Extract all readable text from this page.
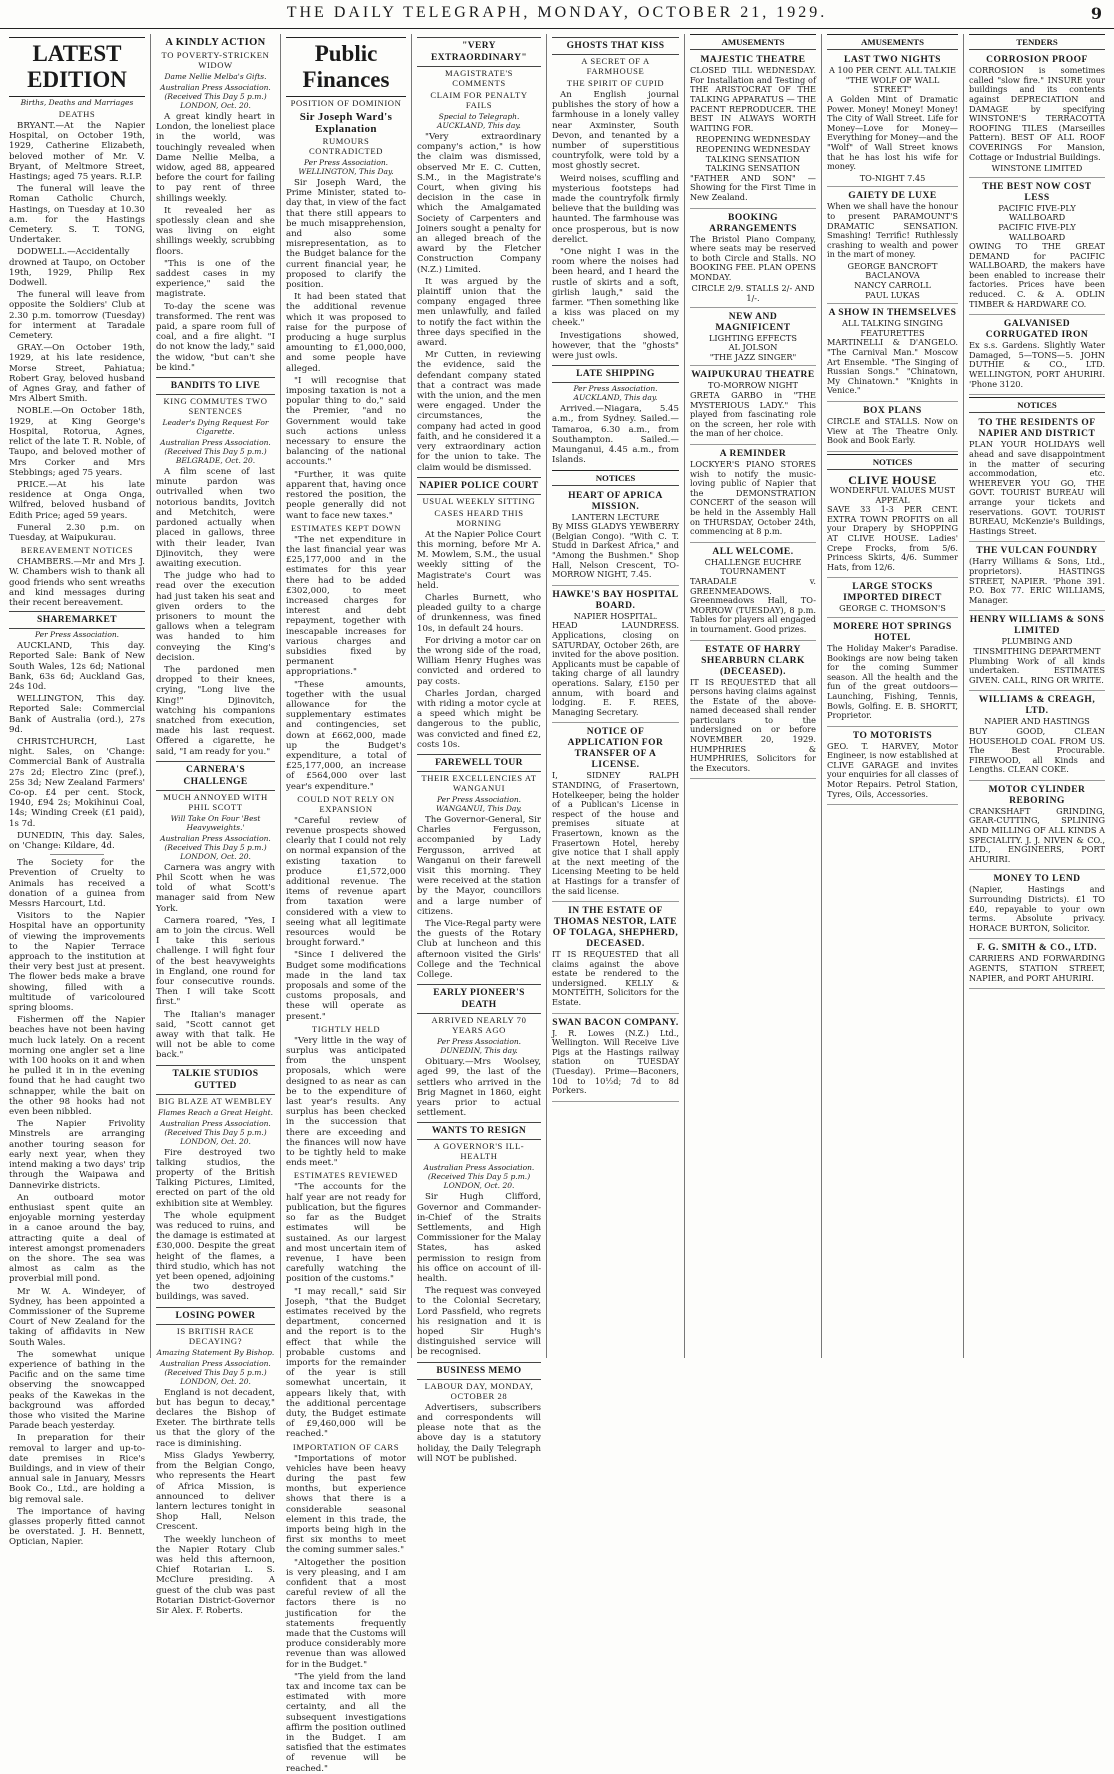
THE DAILY TELEGRAPH, MONDAY, OCTOBER 21, 1929.	9
LATEST EDITION
Births, Deaths and Marriages
DEATHS

BRYANT.—At the Napier Hospital, on October 19th, 1929, Catherine Elizabeth, beloved mother of Mr. V. Bryant, of Meltmore Street, Hastings; aged 75 years. R.I.P.

The funeral will leave the Roman Catholic Church, Hastings, on Tuesday at 10.30 a.m. for the Hastings Cemetery. S. T. TONG, Undertaker.

DODWELL.—Accidentally drowned at Taupo, on October 19th, 1929, Philip Rex Dodwell.

The funeral will leave from opposite the Soldiers' Club at 2.30 p.m. tomorrow (Tuesday) for interment at Taradale Cemetery.

GRAY.—On October 19th, 1929, at his late residence, Morse Street, Pahiatua; Robert Gray, beloved husband of Agnes Gray, and father of Mrs Albert Smith.

NOBLE.—On October 18th, 1929, at King George's Hospital, Rotorua, Agnes, relict of the late T. R. Noble, of Taupo, and beloved mother of Mrs Corker and Mrs Stebbings; aged 75 years.

PRICE.—At his late residence at Onga Onga, Wilfred, beloved husband of Edith Price; aged 59 years.

Funeral 2.30 p.m. on Tuesday, at Waipukurau.

BEREAVEMENT NOTICES

CHAMBERS.—Mr and Mrs J. W. Chambers wish to thank all good friends who sent wreaths and kind messages during their recent bereavement.

SHAREMARKET
Per Press Association.

AUCKLAND, This day. Reported Sale: Bank of New South Wales, 12s 6d; National Bank, 63s 6d; Auckland Gas, 24s 10d.

WELLINGTON, This day. Reported Sale: Commercial Bank of Australia (ord.), 27s 9d.

CHRISTCHURCH, Last night. Sales, on 'Change: Commercial Bank of Australia 27s 2d; Electro Zinc (pref.), 25s 3d; New Zealand Farmers' Co-op. £4 per cent. Stock, 1940, £94 2s; Mokihinui Coal, 14s; Winding Creek (£1 paid), 1s 7d.

DUNEDIN, This day. Sales, on 'Change: Kildare, 4d.

The Society for the Prevention of Cruelty to Animals has received a donation of a guinea from Messrs Harcourt, Ltd.

Visitors to the Napier Hospital have an opportunity of viewing the improvements to the Napier Terrace approach to the institution at their very best just at present. The flower beds make a brave showing, filled with a multitude of varicoloured spring blooms.

Fishermen off the Napier beaches have not been having much luck lately. On a recent morning one angler set a line with 100 hooks on it and when he pulled it in in the evening found that he had caught two schnapper, while the bait on the other 98 hooks had not even been nibbled.

The Napier Frivolity Minstrels are arranging another touring season for early next year, when they intend making a two days' trip through the Waipawa and Dannevirke districts.

An outboard motor enthusiast spent quite an enjoyable morning yesterday in a canoe around the bay, attracting quite a deal of interest amongst promenaders on the shore. The sea was almost as calm as the proverbial mill pond.

Mr W. A. Windeyer, of Sydney, has been appointed a Commissioner of the Supreme Court of New Zealand for the taking of affidavits in New South Wales.

The somewhat unique experience of bathing in the Pacific and on the same time observing the snowcapped peaks of the Kawekas in the background was afforded those who visited the Marine Parade beach yesterday.

In preparation for their removal to larger and up-to-date premises in Rice's Buildings, and in view of their annual sale in January, Messrs Book Co., Ltd., are holding a big removal sale.

The importance of having glasses properly fitted cannot be overstated. J. H. Bennett, Optician, Napier.

A KINDLY ACTION
TO POVERTY-STRICKEN WIDOW
Dame Nellie Melba's Gifts.
Australian Press Association. (Received This Day 5 p.m.) LONDON, Oct. 20.

A great kindly heart in London, the loneliest place in the world, was touchingly revealed when Dame Nellie Melba, a widow, aged 88, appeared before the court for failing to pay rent of three shillings weekly.

It revealed her as spotlessly clean and she was living on eight shillings weekly, scrubbing floors.

"This is one of the saddest cases in my experience," said the magistrate.

To-day the scene was transformed. The rent was paid, a spare room full of coal, and a fire alight. "I do not know the lady," said the widow, "but can't she be kind."

BANDITS TO LIVE
KING COMMUTES TWO SENTENCES
Leader's Dying Request For Cigarette.
Australian Press Association. (Received This Day 5 p.m.) BELGRADE, Oct. 20.

A film scene of last minute pardon was outrivalled when two notorious bandits, Jovitch and Metchitch, were pardoned actually when placed in gallows, three with their leader, Ivan Djinovitch, they were awaiting execution.

The judge who had to read over the execution had just taken his seat and given orders to the prisoners to mount the gallows when a telegram was handed to him conveying the King's decision.

The pardoned men dropped to their knees, crying, "Long live the King!" Djinovitch, watching his companions snatched from execution, made his last request. Offered a cigarette, he said, "I am ready for you."

CARNERA'S CHALLENGE
MUCH ANNOYED WITH PHIL SCOTT
Will Take On Four 'Best Heavyweights.'
Australian Press Association. (Received This Day 5 p.m.) LONDON, Oct. 20.

Carnera was angry with Phil Scott when he was told of what Scott's manager said from New York.

Carnera roared, "Yes, I am to join the circus. Well I take this serious challenge. I will fight four of the best heavyweights in England, one round for four consecutive rounds. Then I will take Scott first."

The Italian's manager said, "Scott cannot get away with that talk. He will not be able to come back."

TALKIE STUDIOS GUTTED
BIG BLAZE AT WEMBLEY
Flames Reach a Great Height.
Australian Press Association. (Received This Day 5 p.m.) LONDON, Oct. 20.

Fire destroyed two talking studios, the property of the British Talking Pictures, Limited, erected on part of the old exhibition site at Wembley.

The whole equipment was reduced to ruins, and the damage is estimated at £30,000. Despite the great height of the flames, a third studio, which has not yet been opened, adjoining the two destroyed buildings, was saved.

LOSING POWER
IS BRITISH RACE DECAYING?
Amazing Statement By Bishop.
Australian Press Association. (Received This Day 5 p.m.) LONDON, Oct. 20.

England is not decadent, but has begun to decay," declares the Bishop of Exeter. The birthrate tells us that the glory of the race is diminishing.

Miss Gladys Yewberry, from the Belgian Congo, who represents the Heart of Africa Mission, is announced to deliver lantern lectures tonight in Shop Hall, Nelson Crescent.

The weekly luncheon of the Napier Rotary Club was held this afternoon, Chief Rotarian L. S. McClure presiding. A guest of the club was past Rotarian District-Governor Sir Alex. F. Roberts.

Public Finances
POSITION OF DOMINION
Sir Joseph Ward's Explanation
RUMOURS CONTRADICTED
Per Press Association. WELLINGTON, This Day.

Sir Joseph Ward, the Prime Minister, stated to-day that, in view of the fact that there still appears to be much misapprehension, and also some misrepresentation, as to the Budget balance for the current financial year, he proposed to clarify the position.

It had been stated that the additional revenue which it was proposed to raise for the purpose of producing a huge surplus amounting to £1,000,000, and some people have alleged.

"I will recognise that imposing taxation is not a popular thing to do," said the Premier, "and no Government would take such actions unless necessary to ensure the balancing of the national accounts."

"Further, it was quite apparent that, having once restored the position, the people generally did not want to face new taxes."

ESTIMATES KEPT DOWN

"The net expenditure in the last financial year was £25,177,000 and in the estimates for this year there had to be added £302,000, to meet increased charges for interest and debt repayment, together with inescapable increases for various charges and subsidies fixed by permanent appropriations."

"These amounts, together with the usual allowance for the supplementary estimates and contingencies, set down at £662,000, made up the Budget's expenditure, a total of £25,177,000, an increase of £564,000 over last year's expenditure."

COULD NOT RELY ON EXPANSION

"Careful review of revenue prospects showed clearly that I could not rely on normal expansion of the existing taxation to produce £1,572,000 additional revenue. The items of revenue apart from taxation were considered with a view to seeing what all legitimate resources would be brought forward."

"Since I delivered the Budget some modifications made in the land tax proposals and some of the customs proposals, and these will operate as present."

TIGHTLY HELD

"Very little in the way of surplus was anticipated from the unspent proposals, which were designed to as near as can be to the expenditure of last year's results. Any surplus has been checked in the succession that there are exceeding and the finances will now have to be tightly held to make ends meet."

ESTIMATES REVIEWED

"The accounts for the half year are not ready for publication, but the figures so far as the Budget estimates will be sustained. As our largest and most uncertain item of revenue, I have been carefully watching the position of the customs."

"I may recall," said Sir Joseph, "that the Budget estimates received by the department, concerned and the report is to the effect that while the probable customs and imports for the remainder of the year is still somewhat uncertain, it appears likely that, with the additional percentage duty, the Budget estimate of £9,460,000 will be reached."

IMPORTATION OF CARS

"Importations of motor vehicles have been heavy during the past few months, but experience shows that there is a considerable seasonal element in this trade, the imports being high in the first six months to meet the coming summer sales."

"Altogether the position is very pleasing, and I am confident that a most careful review of all the factors there is no justification for the statements frequently made that the Customs will produce considerably more revenue than was allowed for in the Budget."

"The yield from the land tax and income tax can be estimated with more certainty, and all the subsequent investigations affirm the position outlined in the Budget. I am satisfied that the estimates of revenue will be reached."

"VERY EXTRAORDINARY"
MAGISTRATE'S COMMENTS
CLAIM FOR PENALTY FAILS
Special to Telegraph. AUCKLAND, This day.

"Very extraordinary company's action," is how the claim was dismissed, observed Mr E. C. Cutten, S.M., in the Magistrate's Court, when giving his decision in the case in which the Amalgamated Society of Carpenters and Joiners sought a penalty for an alleged breach of the award by the Fletcher Construction Company (N.Z.) Limited.

It was argued by the plaintiff union that the company engaged three men unlawfully, and failed to notify the fact within the three days specified in the award.

Mr Cutten, in reviewing the evidence, said the defendant company stated that a contract was made with the union, and the men were engaged. Under the circumstances, the company had acted in good faith, and he considered it a very extraordinary action for the union to take. The claim would be dismissed.

NAPIER POLICE COURT
USUAL WEEKLY SITTING
CASES HEARD THIS MORNING

At the Napier Police Court this morning, before Mr A. M. Mowlem, S.M., the usual weekly sitting of the Magistrate's Court was held.

Charles Burnett, who pleaded guilty to a charge of drunkenness, was fined 10s, in default 24 hours.

For driving a motor car on the wrong side of the road, William Henry Hughes was convicted and ordered to pay costs.

Charles Jordan, charged with riding a motor cycle at a speed which might be dangerous to the public, was convicted and fined £2, costs 10s.

FAREWELL TOUR
THEIR EXCELLENCIES AT WANGANUI
Per Press Association. WANGANUI, This Day.

The Governor-General, Sir Charles Fergusson, accompanied by Lady Fergusson, arrived at Wanganui on their farewell visit this morning. They were received at the station by the Mayor, councillors and a large number of citizens.

The Vice-Regal party were the guests of the Rotary Club at luncheon and this afternoon visited the Girls' College and the Technical College.

EARLY PIONEER'S DEATH
ARRIVED NEARLY 70 YEARS AGO
Per Press Association. DUNEDIN, This day.

Obituary.—Mrs Woolsey, aged 99, the last of the settlers who arrived in the Brig Magnet in 1860, eight years prior to actual settlement.

WANTS TO RESIGN
A GOVERNOR'S ILL-HEALTH
Australian Press Association. (Received This Day 5 p.m.) LONDON, Oct. 20.

Sir Hugh Clifford, Governor and Commander-in-Chief of the Straits Settlements, and High Commissioner for the Malay States, has asked permission to resign from his office on account of ill-health.

The request was conveyed to the Colonial Secretary, Lord Passfield, who regrets his resignation and it is hoped Sir Hugh's distinguished service will be recognised.

BUSINESS MEMO
LABOUR DAY, MONDAY, OCTOBER 28

Advertisers, subscribers and correspondents will please note that as the above day is a statutory holiday, the Daily Telegraph will NOT be published.

GHOSTS THAT KISS
A SECRET OF A FARMHOUSE
THE SPIRIT OF CUPID

An English journal publishes the story of how a farmhouse in a lonely valley near Axminster, South Devon, and tenanted by a number of superstitious countryfolk, were told by a most ghostly secret.

Weird noises, scuffling and mysterious footsteps had made the countryfolk firmly believe that the building was haunted. The farmhouse was once prosperous, but is now derelict.

"One night I was in the room where the noises had been heard, and I heard the rustle of skirts and a soft, girlish laugh," said the farmer. "Then something like a kiss was placed on my cheek."

Investigations showed, however, that the "ghosts" were just owls.

LATE SHIPPING
Per Press Association. AUCKLAND, This day.

Arrived.—Niagara, 5.45 a.m., from Sydney. Sailed.—Tamaroa, 6.30 a.m., from Southampton. Sailed.—Maunganui, 4.45 a.m., from Islands.

NOTICES
HEART OF APRICA MISSION.
LANTERN LECTURE

By MISS GLADYS YEWBERRY (Belgian Congo). "With C. T. Studd in Darkest Africa," and "Among the Bushmen." Shop Hall, Nelson Crescent, TO-MORROW NIGHT, 7.45.

HAWKE'S BAY HOSPITAL BOARD.
NAPIER HOSPITAL.

HEAD LAUNDRESS. Applications, closing on SATURDAY, October 26th, are invited for the above position. Applicants must be capable of taking charge of all laundry operations. Salary, £150 per annum, with board and lodging. E. F. REES, Managing Secretary.

NOTICE OF APPLICATION FOR TRANSFER OF A LICENSE.

I, SIDNEY RALPH STANDING, of Frasertown, Hotelkeeper, being the holder of a Publican's License in respect of the house and premises situate at Frasertown, known as the Frasertown Hotel, hereby give notice that I shall apply at the next meeting of the Licensing Meeting to be held at Hastings for a transfer of the said license.

IN THE ESTATE OF THOMAS NESTOR, LATE OF TOLAGA, SHEPHERD, DECEASED.

IT IS REQUESTED that all claims against the above estate be rendered to the undersigned. KELLY & MONTEITH, Solicitors for the Estate.

SWAN BACON COMPANY.

J. R. Lowes (N.Z.) Ltd., Wellington. Will Receive Live Pigs at the Hastings railway station on TUESDAY (Tuesday). Prime—Baconers, 10d to 10½d; 7d to 8d Porkers.

AMUSEMENTS
MAJESTIC THEATRE

CLOSED TILL WEDNESDAY. For Installation and Testing of THE ARISTOCRAT OF THE TALKING APPARATUS — THE PACENT REPRODUCER. THE BEST IN ALWAYS WORTH WAITING FOR.

REOPENING WEDNESDAY
REOPENING WEDNESDAY
TALKING SENSATION
TALKING SENSATION

"FATHER AND SON" — Showing for the First Time in New Zealand.

BOOKING ARRANGEMENTS

The Bristol Piano Company, where seats may be reserved to both Circle and Stalls. NO BOOKING FEE. PLAN OPENS MONDAY.

CIRCLE 2/9. STALLS 2/- AND 1/-.
NEW AND MAGNIFICENT
LIGHTING EFFECTS
AL JOLSON
"THE JAZZ SINGER"
WAIPUKURAU THEATRE
TO-MORROW NIGHT

GRETA GARBO in "THE MYSTERIOUS LADY." This played from fascinating role on the screen, her role with the man of her choice.

A REMINDER

LOCKYER'S PIANO STORES wish to notify the music-loving public of Napier that the DEMONSTRATION CONCERT of the season will be held in the Assembly Hall on THURSDAY, October 24th, commencing at 8 p.m.

ALL WELCOME.
CHALLENGE EUCHRE TOURNAMENT

TARADALE v. GREENMEADOWS. Greenmeadows Hall, TO-MORROW (TUESDAY), 8 p.m. Tables for players all engaged in tournament. Good prizes.

ESTATE OF HARRY SHEARBURN CLARK (DECEASED).

IT IS REQUESTED that all persons having claims against the Estate of the above-named deceased shall render particulars to the undersigned on or before NOVEMBER 20, 1929. HUMPHRIES & HUMPHRIES, Solicitors for the Executors.

AMUSEMENTS
LAST TWO NIGHTS
A 100 PER CENT. ALL TALKIE
"THE WOLF OF WALL STREET"

A Golden Mint of Dramatic Power. Money! Money! Money! The City of Wall Street. Life for Money—Love for Money—Everything for Money—and the "Wolf" of Wall Street knows that he has lost his wife for money.

TO-NIGHT 7.45
GAIETY DE LUXE

When we shall have the honour to present PARAMOUNT'S DRAMATIC SENSATION. Smashing! Terrific! Ruthlessly crashing to wealth and power in the mart of money.

GEORGE BANCROFT
BACLANOVA
NANCY CARROLL
PAUL LUKAS
A SHOW IN THEMSELVES
ALL TALKING SINGING
FEATURETTES

MARTINELLI & D'ANGELO. "The Carnival Man." Moscow Art Ensemble. "The Singing of Russian Songs." "Chinatown, My Chinatown." "Knights in Venice."

BOX PLANS

CIRCLE and STALLS. Now on View at The Theatre Only. Book and Book Early.

NOTICES
CLIVE HOUSE
WONDERFUL VALUES MUST APPEAL

SAVE 33 1-3 PER CENT. EXTRA TOWN PROFITS on all your Drapery by SHOPPING AT CLIVE HOUSE. Ladies' Crepe Frocks, from 5/6. Princess Skirts, 4/6. Summer Hats, from 12/6.

LARGE STOCKS IMPORTED DIRECT
GEORGE C. THOMSON'S
MORERE HOT SPRINGS HOTEL

The Holiday Maker's Paradise. Bookings are now being taken for the coming Summer season. All the health and the fun of the great outdoors—Launching, Fishing, Tennis, Bowls, Golfing. E. B. SHORTT, Proprietor.

TO MOTORISTS

GEO. T. HARVEY, Motor Engineer, is now established at CLIVE GARAGE and invites your enquiries for all classes of Motor Repairs. Petrol Station, Tyres, Oils, Accessories.

TENDERS
CORROSION PROOF

CORROSION is sometimes called "slow fire." INSURE your buildings and its contents against DEPRECIATION and DAMAGE by specifying WINSTONE'S TERRACOTTA ROOFING TILES (Marseilles Pattern). BEST OF ALL ROOF COVERINGS For Mansion, Cottage or Industrial Buildings.

WINSTONE LIMITED
THE BEST NOW COST LESS
PACIFIC FIVE-PLY WALLBOARD
PACIFIC FIVE-PLY WALLBOARD

OWING TO THE GREAT DEMAND for PACIFIC WALLBOARD, the makers have been enabled to increase their factories. Prices have been reduced. C. & A. ODLIN TIMBER & HARDWARE CO.

GALVANISED CORRUGATED IRON

Ex s.s. Gardens. Slightly Water Damaged, 5—TONS—5. JOHN DUTHIE & CO., LTD. WELLINGTON, PORT AHURIRI. 'Phone 3120.

NOTICES
TO THE RESIDENTS OF NAPIER AND DISTRICT

PLAN YOUR HOLIDAYS well ahead and save disappointment in the matter of securing accommodation, etc. WHEREVER YOU GO, THE GOVT. TOURIST BUREAU will arrange your tickets and reservations. GOVT. TOURIST BUREAU, McKenzie's Buildings, Hastings Street.

THE VULCAN FOUNDRY

(Harry Williams & Sons, Ltd., proprietors). HASTINGS STREET, NAPIER. 'Phone 391. P.O. Box 77. ERIC WILLIAMS, Manager.

HENRY WILLIAMS & SONS LIMITED
PLUMBING AND TINSMITHING DEPARTMENT

Plumbing Work of all kinds undertaken. ESTIMATES GIVEN. CALL, RING OR WRITE.

WILLIAMS & CREAGH, LTD.
NAPIER AND HASTINGS

BUY GOOD, CLEAN HOUSEHOLD COAL FROM US. The Best Procurable. FIREWOOD, all Kinds and Lengths. CLEAN COKE.

MOTOR CYLINDER REBORING

CRANKSHAFT GRINDING, GEAR-CUTTING, SPLINING AND MILLING OF ALL KINDS A SPECIALITY. J. J. NIVEN & CO., LTD., ENGINEERS, PORT AHURIRI.

MONEY TO LEND

(Napier, Hastings and Surrounding Districts). £1 TO £40, repayable to your own terms. Absolute privacy. HORACE BURTON, Solicitor.

F. G. SMITH & CO., LTD.

CARRIERS AND FORWARDING AGENTS, STATION STREET, NAPIER, and PORT AHURIRI.
